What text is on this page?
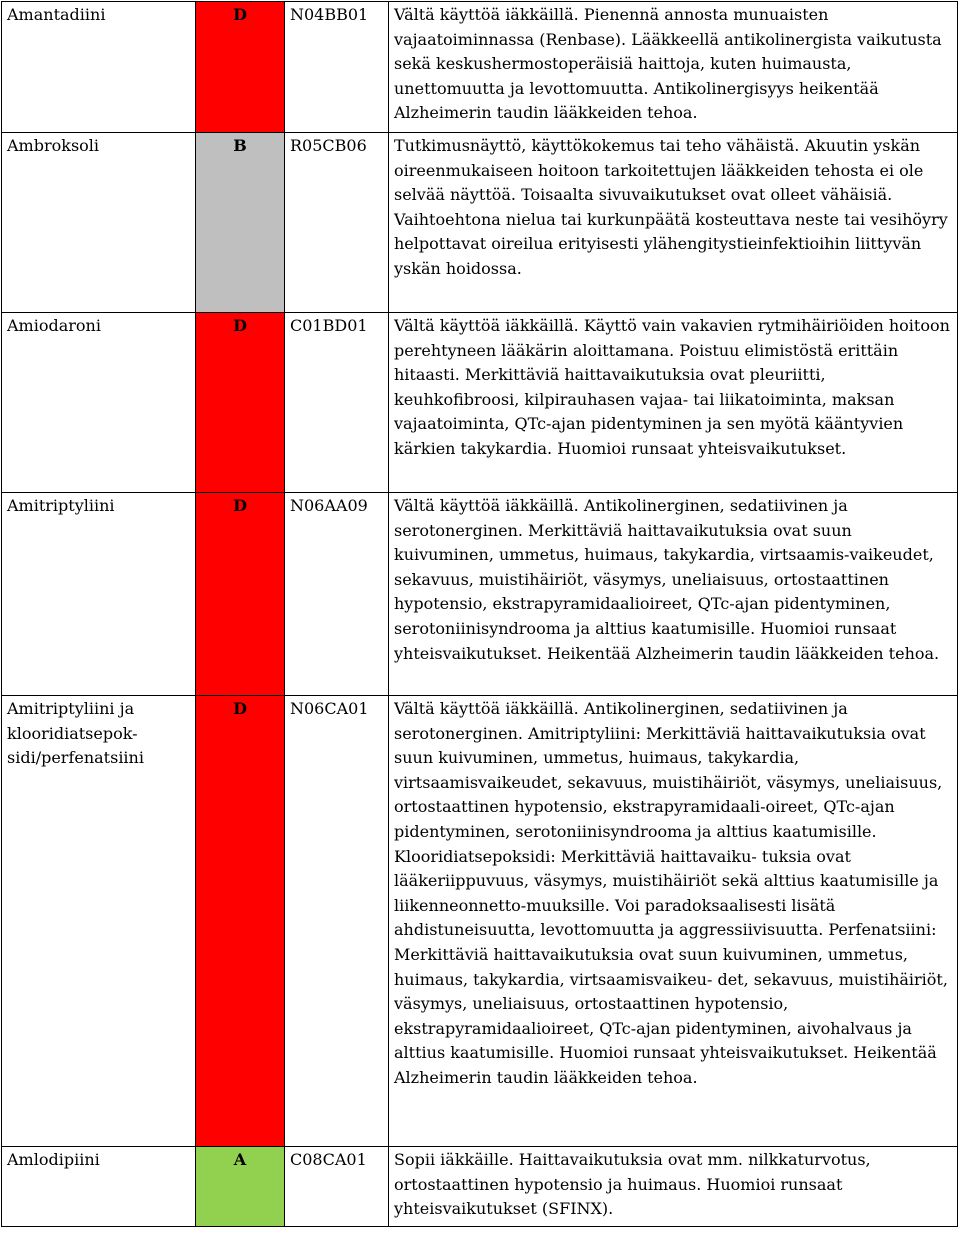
Amantadiini	D	N04BB01	Vältä käyttöä iäkkäillä. Pienennä annosta munuaisten vajaatoiminnassa (Renbase). Lääkkeellä antikolinergista vaikutusta sekä keskushermostoperäisiä haittoja, kuten huimausta, unettomuutta ja levottomuutta. Antikolinergisyys heikentää Alzheimerin taudin lääkkeiden tehoa.
Ambroksoli	B	R05CB06	Tutkimusnäyttö, käyttökokemus tai teho vähäistä. Akuutin yskän oireenmukaiseen hoitoon tarkoitettujen lääkkeiden tehosta ei ole selvää näyttöä. Toisaalta sivuvaikutukset ovat olleet vähäisiä. Vaihtoehtona nielua tai kurkunpäätä kosteuttava neste tai vesihöyry helpottavat oireilua erityisesti ylähengitystieinfektioihin liittyvän yskän hoidossa.
Amiodaroni	D	C01BD01	Vältä käyttöä iäkkäillä. Käyttö vain vakavien rytmihäiriöiden hoitoon perehtyneen lääkärin aloittamana. Poistuu elimistöstä erittäin hitaasti. Merkittäviä haittavaikutuksia ovat pleuriitti, keuhkofibroosi, kilpirauhasen vajaa- tai liikatoiminta, maksan vajaatoiminta, QTc-ajan pidentyminen ja sen myötä kääntyvien kärkien takykardia. Huomioi runsaat yhteisvaikutukset.
Amitriptyliini	D	N06AA09	Vältä käyttöä iäkkäillä. Antikolinerginen, sedatiivinen ja serotonerginen. Merkittäviä haittavaikutuksia ovat suun kuivuminen, ummetus, huimaus, takykardia, virtsaamis-vaikeudet, sekavuus, muistihäiriöt, väsymys, uneliaisuus, ortostaattinen hypotensio, ekstrapyramidaalioireet, QTc-ajan pidentyminen, serotoniinisyndrooma ja alttius kaatumisille. Huomioi runsaat yhteisvaikutukset. Heikentää Alzheimerin taudin lääkkeiden tehoa.
Amitriptyliini ja klooridiatsepok-sidi/perfenatsiini	D	N06CA01	Vältä käyttöä iäkkäillä. Antikolinerginen, sedatiivinen ja serotonerginen. Amitriptyliini: Merkittäviä haittavaikutuksia ovat suun kuivuminen, ummetus, huimaus, takykardia, virtsaamisvaikeudet, sekavuus, muistihäiriöt, väsymys, uneliaisuus, ortostaattinen hypotensio, ekstrapyramidaali-oireet, QTc-ajan pidentyminen, serotoniinisyndrooma ja alttius kaatumisille. Klooridiatsepoksidi: Merkittäviä haittavaiku- tuksia ovat lääkeriippuvuus, väsymys, muistihäiriöt sekä alttius kaatumisille ja liikenneonnetto-muuksille. Voi paradoksaalisesti lisätä ahdistuneisuutta, levottomuutta ja aggressiivisuutta. Perfenatsiini: Merkittäviä haittavaikutuksia ovat suun kuivuminen, ummetus, huimaus, takykardia, virtsaamisvaikeu- det, sekavuus, muistihäiriöt, väsymys, uneliaisuus, ortostaattinen hypotensio, ekstrapyramidaalioireet, QTc-ajan pidentyminen, aivohalvaus ja alttius kaatumisille. Huomioi runsaat yhteisvaikutukset. Heikentää Alzheimerin taudin lääkkeiden tehoa.
Amlodipiini	A	C08CA01	Sopii iäkkäille. Haittavaikutuksia ovat mm. nilkkaturvotus, ortostaattinen hypotensio ja huimaus. Huomioi runsaat yhteisvaikutukset (SFINX).
